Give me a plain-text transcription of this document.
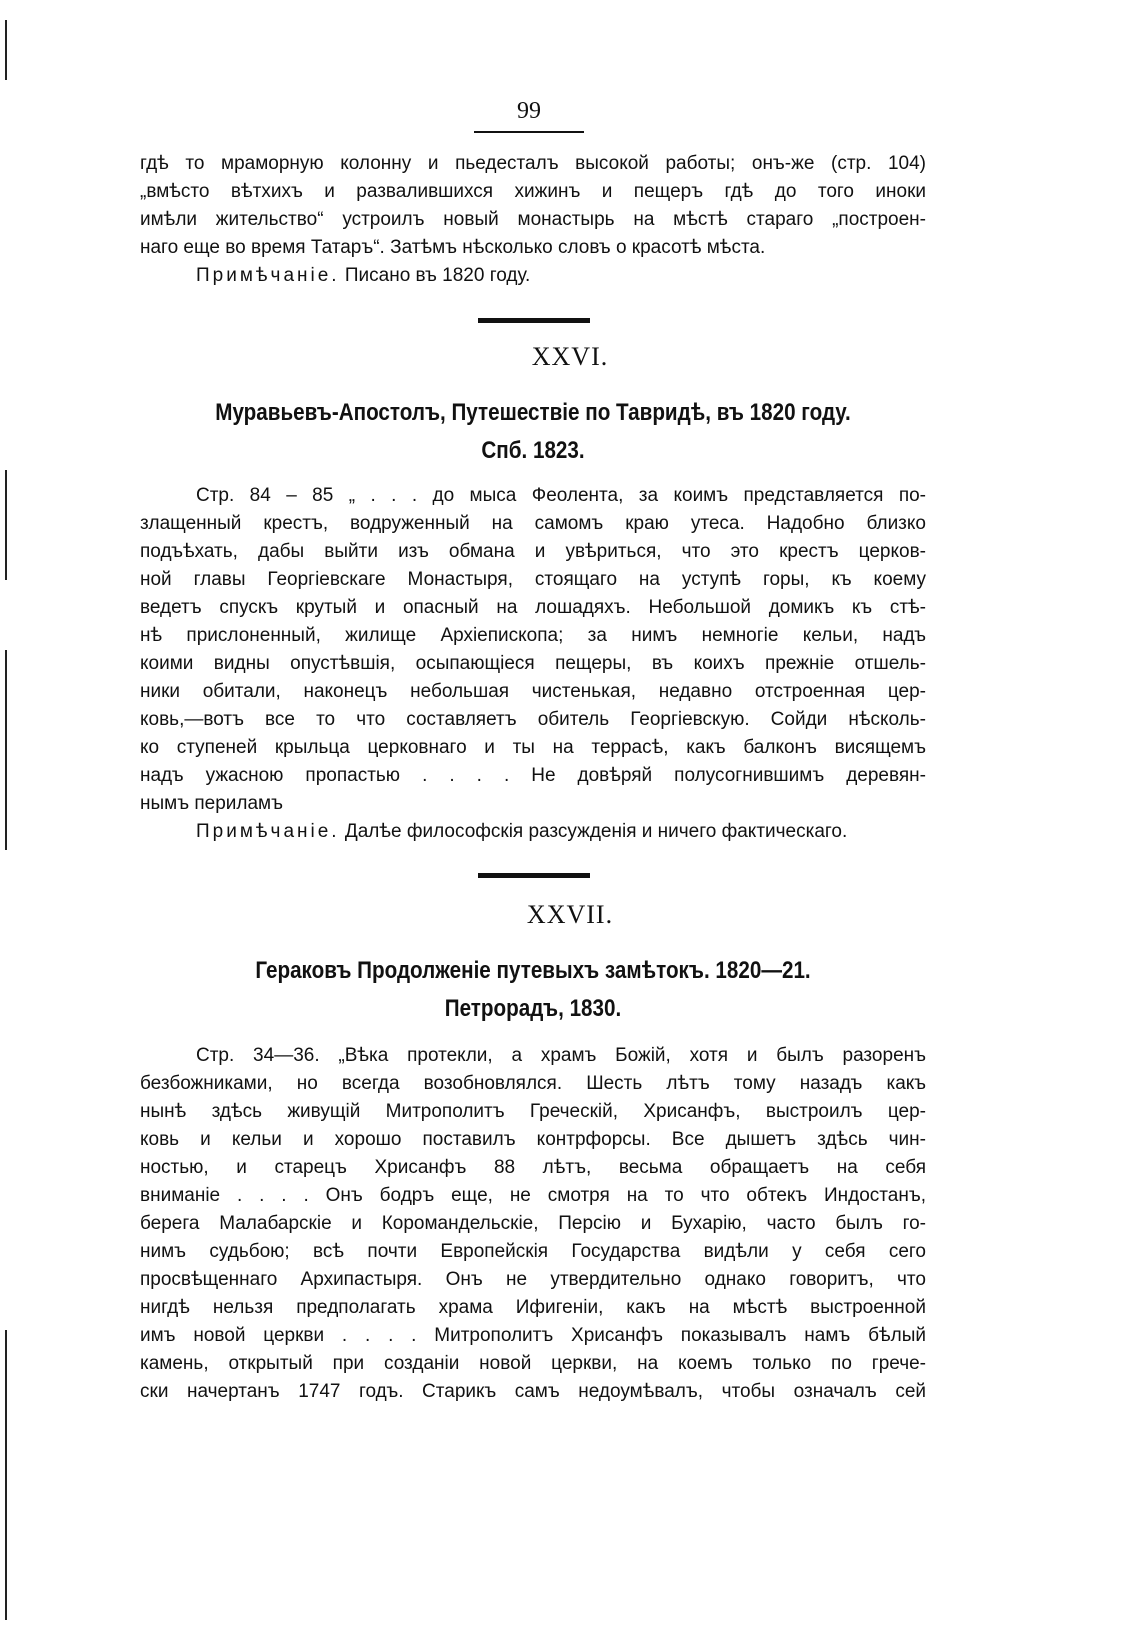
99
гдѣ то мраморную колонну и пьедесталъ высокой работы; онъ-же (стр. 104)
„вмѣсто вѣтхихъ и развалившихся хижинъ и пещеръ гдѣ до того иноки
имѣли жительство“ устроилъ новый монастырь на мѣстѣ стараго „построен-
наго еще во время Татаръ“. Затѣмъ нѣсколько словъ о красотѣ мѣста.
Примѣчаніе. Писано въ 1820 году.
XXVI.
Муравьевъ-Апостолъ, Путешествіе по Тавридѣ, въ 1820 году.
Спб. 1823.
Стр. 84 – 85 „ . . . до мыса Феолента, за коимъ представляется по-
злащенный крестъ, водруженный на самомъ краю утеса. Надобно близко
подъѣхать, дабы выйти изъ обмана и увѣриться, что это крестъ церков-
ной главы Георгіевскаге Монастыря, стоящаго на уступѣ горы, къ коему
ведетъ спускъ крутый и опасный на лошадяхъ. Небольшой домикъ къ стѣ-
нѣ прислоненный, жилище Архіепископа; за нимъ немногіе кельи, надъ
коими видны опустѣвшія, осыпающіеся пещеры, въ коихъ прежніе отшель-
ники обитали, наконецъ небольшая чистенькая, недавно отстроенная цер-
ковь,—вотъ все то что составляетъ обитель Георгіевскую. Сойди нѣсколь-
ко ступеней крыльца церковнаго и ты на террасѣ, какъ балконъ висящемъ
надъ ужасною пропастью . . . . Не довѣряй полусогнившимъ деревян-
нымъ периламъ
Примѣчаніе. Далѣе философскія разсужденія и ничего фактическаго.
XXVII.
Гераковъ Продолженіе путевыхъ замѣтокъ. 1820—21.
Петрорадъ, 1830.
Стр. 34—36. „Вѣка протекли, а храмъ Божій, хотя и былъ разоренъ
безбожниками, но всегда возобновлялся. Шесть лѣтъ тому назадъ какъ
нынѣ здѣсь живущій Митрополитъ Греческій, Хрисанфъ, выстроилъ цер-
ковь и кельи и хорошо поставилъ контрфорсы. Все дышетъ здѣсь чин-
ностью, и старецъ Хрисанфъ 88 лѣтъ, весьма обращаетъ на себя
вниманіе . . . . Онъ бодръ еще, не смотря на то что обтекъ Индостанъ,
берега Малабарскіе и Коромандельскіе, Персію и Бухарію, часто былъ го-
нимъ судьбою; всѣ почти Европейскія Государства видѣли у себя сего
просвѣщеннаго Архипастыря. Онъ не утвердительно однако говоритъ, что
нигдѣ нельзя предполагать храма Ифигеніи, какъ на мѣстѣ выстроенной
имъ новой церкви . . . . Митрополитъ Хрисанфъ показывалъ намъ бѣлый
камень, открытый при созданіи новой церкви, на коемъ только по грече-
ски начертанъ 1747 годъ. Старикъ самъ недоумѣвалъ, чтобы означалъ сей
